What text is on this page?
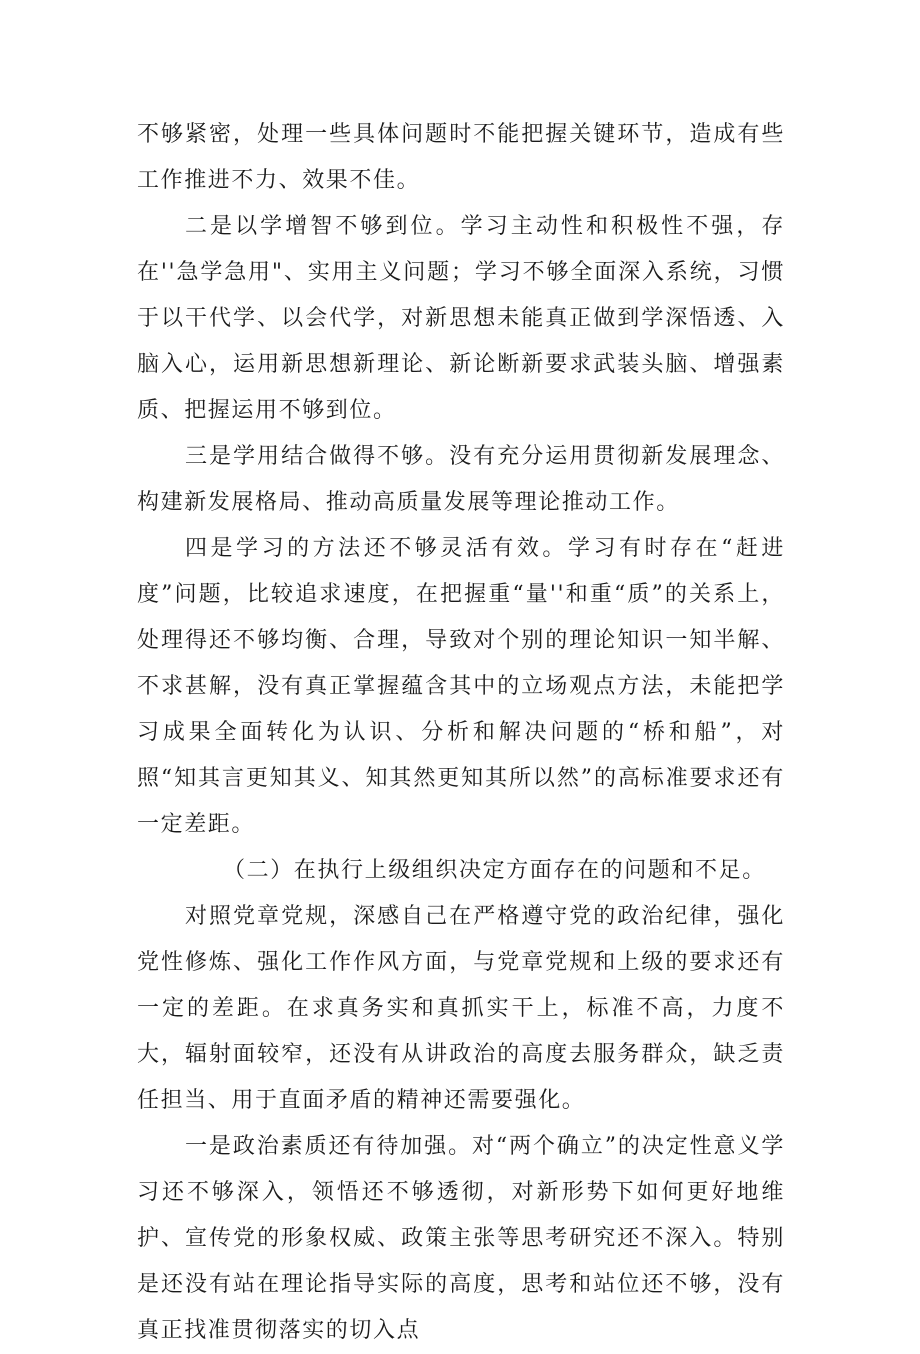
不够紧密，处理一些具体问题时不能把握关键环节，造成有些工作推进不力、效果不佳。

二是以学增智不够到位。学习主动性和积极性不强，存在''急学急用"、实用主义问题；学习不够全面深入系统，习惯于以干代学、以会代学，对新思想未能真正做到学深悟透、入脑入心，运用新思想新理论、新论断新要求武装头脑、增强素质、把握运用不够到位。

三是学用结合做得不够。没有充分运用贯彻新发展理念、构建新发展格局、推动高质量发展等理论推动工作。

四是学习的方法还不够灵活有效。学习有时存在“赶进度”问题，比较追求速度，在把握重“量''和重“质”的关系上，处理得还不够均衡、合理，导致对个别的理论知识一知半解、不求甚解，没有真正掌握蕴含其中的立场观点方法，未能把学习成果全面转化为认识、分析和解决问题的“桥和船”，对照“知其言更知其义、知其然更知其所以然”的高标准要求还有一定差距。

（二）在执行上级组织决定方面存在的问题和不足。

对照党章党规，深感自己在严格遵守党的政治纪律，强化党性修炼、强化工作作风方面，与党章党规和上级的要求还有一定的差距。在求真务实和真抓实干上，标准不高，力度不大，辐射面较窄，还没有从讲政治的高度去服务群众，缺乏责任担当、用于直面矛盾的精神还需要强化。

一是政治素质还有待加强。对“两个确立”的决定性意义学习还不够深入，领悟还不够透彻，对新形势下如何更好地维护、宣传党的形象权威、政策主张等思考研究还不深入。特别是还没有站在理论指导实际的高度，思考和站位还不够，没有真正找准贯彻落实的切入点
